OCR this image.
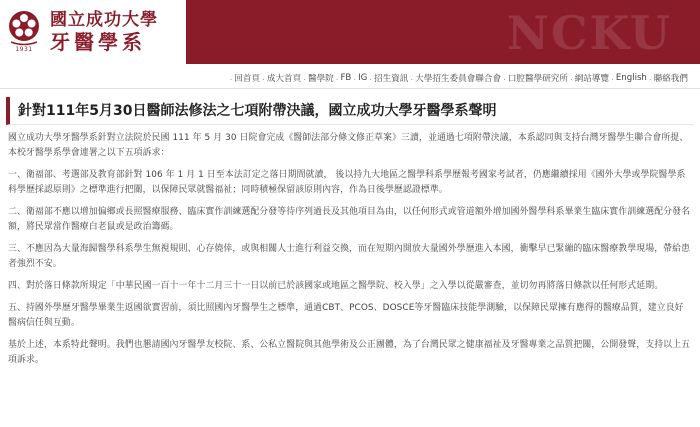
1931
國立成功大學
牙醫學系	NCKU
. 回首頁 . 成大首頁 . 醫學院 . FB . IG . 招生資訊 . 大學招生委員會聯合會 . 口腔醫學研究所 . 網站導覽 . English . 聯絡我們
針對111年5月30日醫師法修法之七項附帶決議，國立成功大學牙醫學系聲明

國立成功大學牙醫學系針對立法院於民國 111 年 5 月 30 日院會完成《醫師法部分條文修正草案》三讀，並通過七項附帶決議，本系認同與支持台灣牙醫學生聯合會所提、本校牙醫學系學會連署之以下五項訴求：

一、衛福部、考選部及教育部針對 106 年 1 月 1 日至本法訂定之落日期間就讀， 後以持九大地區之醫學科系學歷報考國家考試者，仍應繼續採用《國外大學或學院醫學系科學歷採認原則》之標準進行把關，以保障民眾就醫福祉；同時積極保留該原則內容，作為日後學歷認證標準。

二、衛福部不應以增加偏鄉或長照醫療服務、臨床實作訓練選配分發等待序列過長及其他項目為由，以任何形式或管道額外增加國外醫學科系畢業生臨床實作訓練選配分發名額，將民眾當作醫療白老鼠或是政治籌碼。

三、不應因為大量海歸醫學科系學生無視規則、心存僥倖，或與相關人士進行利益交換，而在短期內開放大量國外學歷進入本國，衝擊早已緊繃的臨床醫療教學現場，帶給患者強烈不安。

四、對於落日條款所規定「中華民國一百十一年十二月三十一日以前已於該國家或地區之醫學院、校入學」之入學以從嚴審查，並切勿再將落日條款以任何形式延期。

五、持國外學歷牙醫學畢業生返國欲實習前，須比照國內牙醫學生之標準，通過CBT、PCOS、DOSCE等牙醫臨床技能學測驗，以保障民眾擁有應得的醫療品質，建立良好醫病信任與互動。

基於上述，本系特此聲明。我們也懇請國內牙醫學友校院、系、公私立醫院與其他學術及公正團體，為了台灣民眾之健康福祉及牙醫專業之品質把關，公開發聲，支持以上五項訴求。
